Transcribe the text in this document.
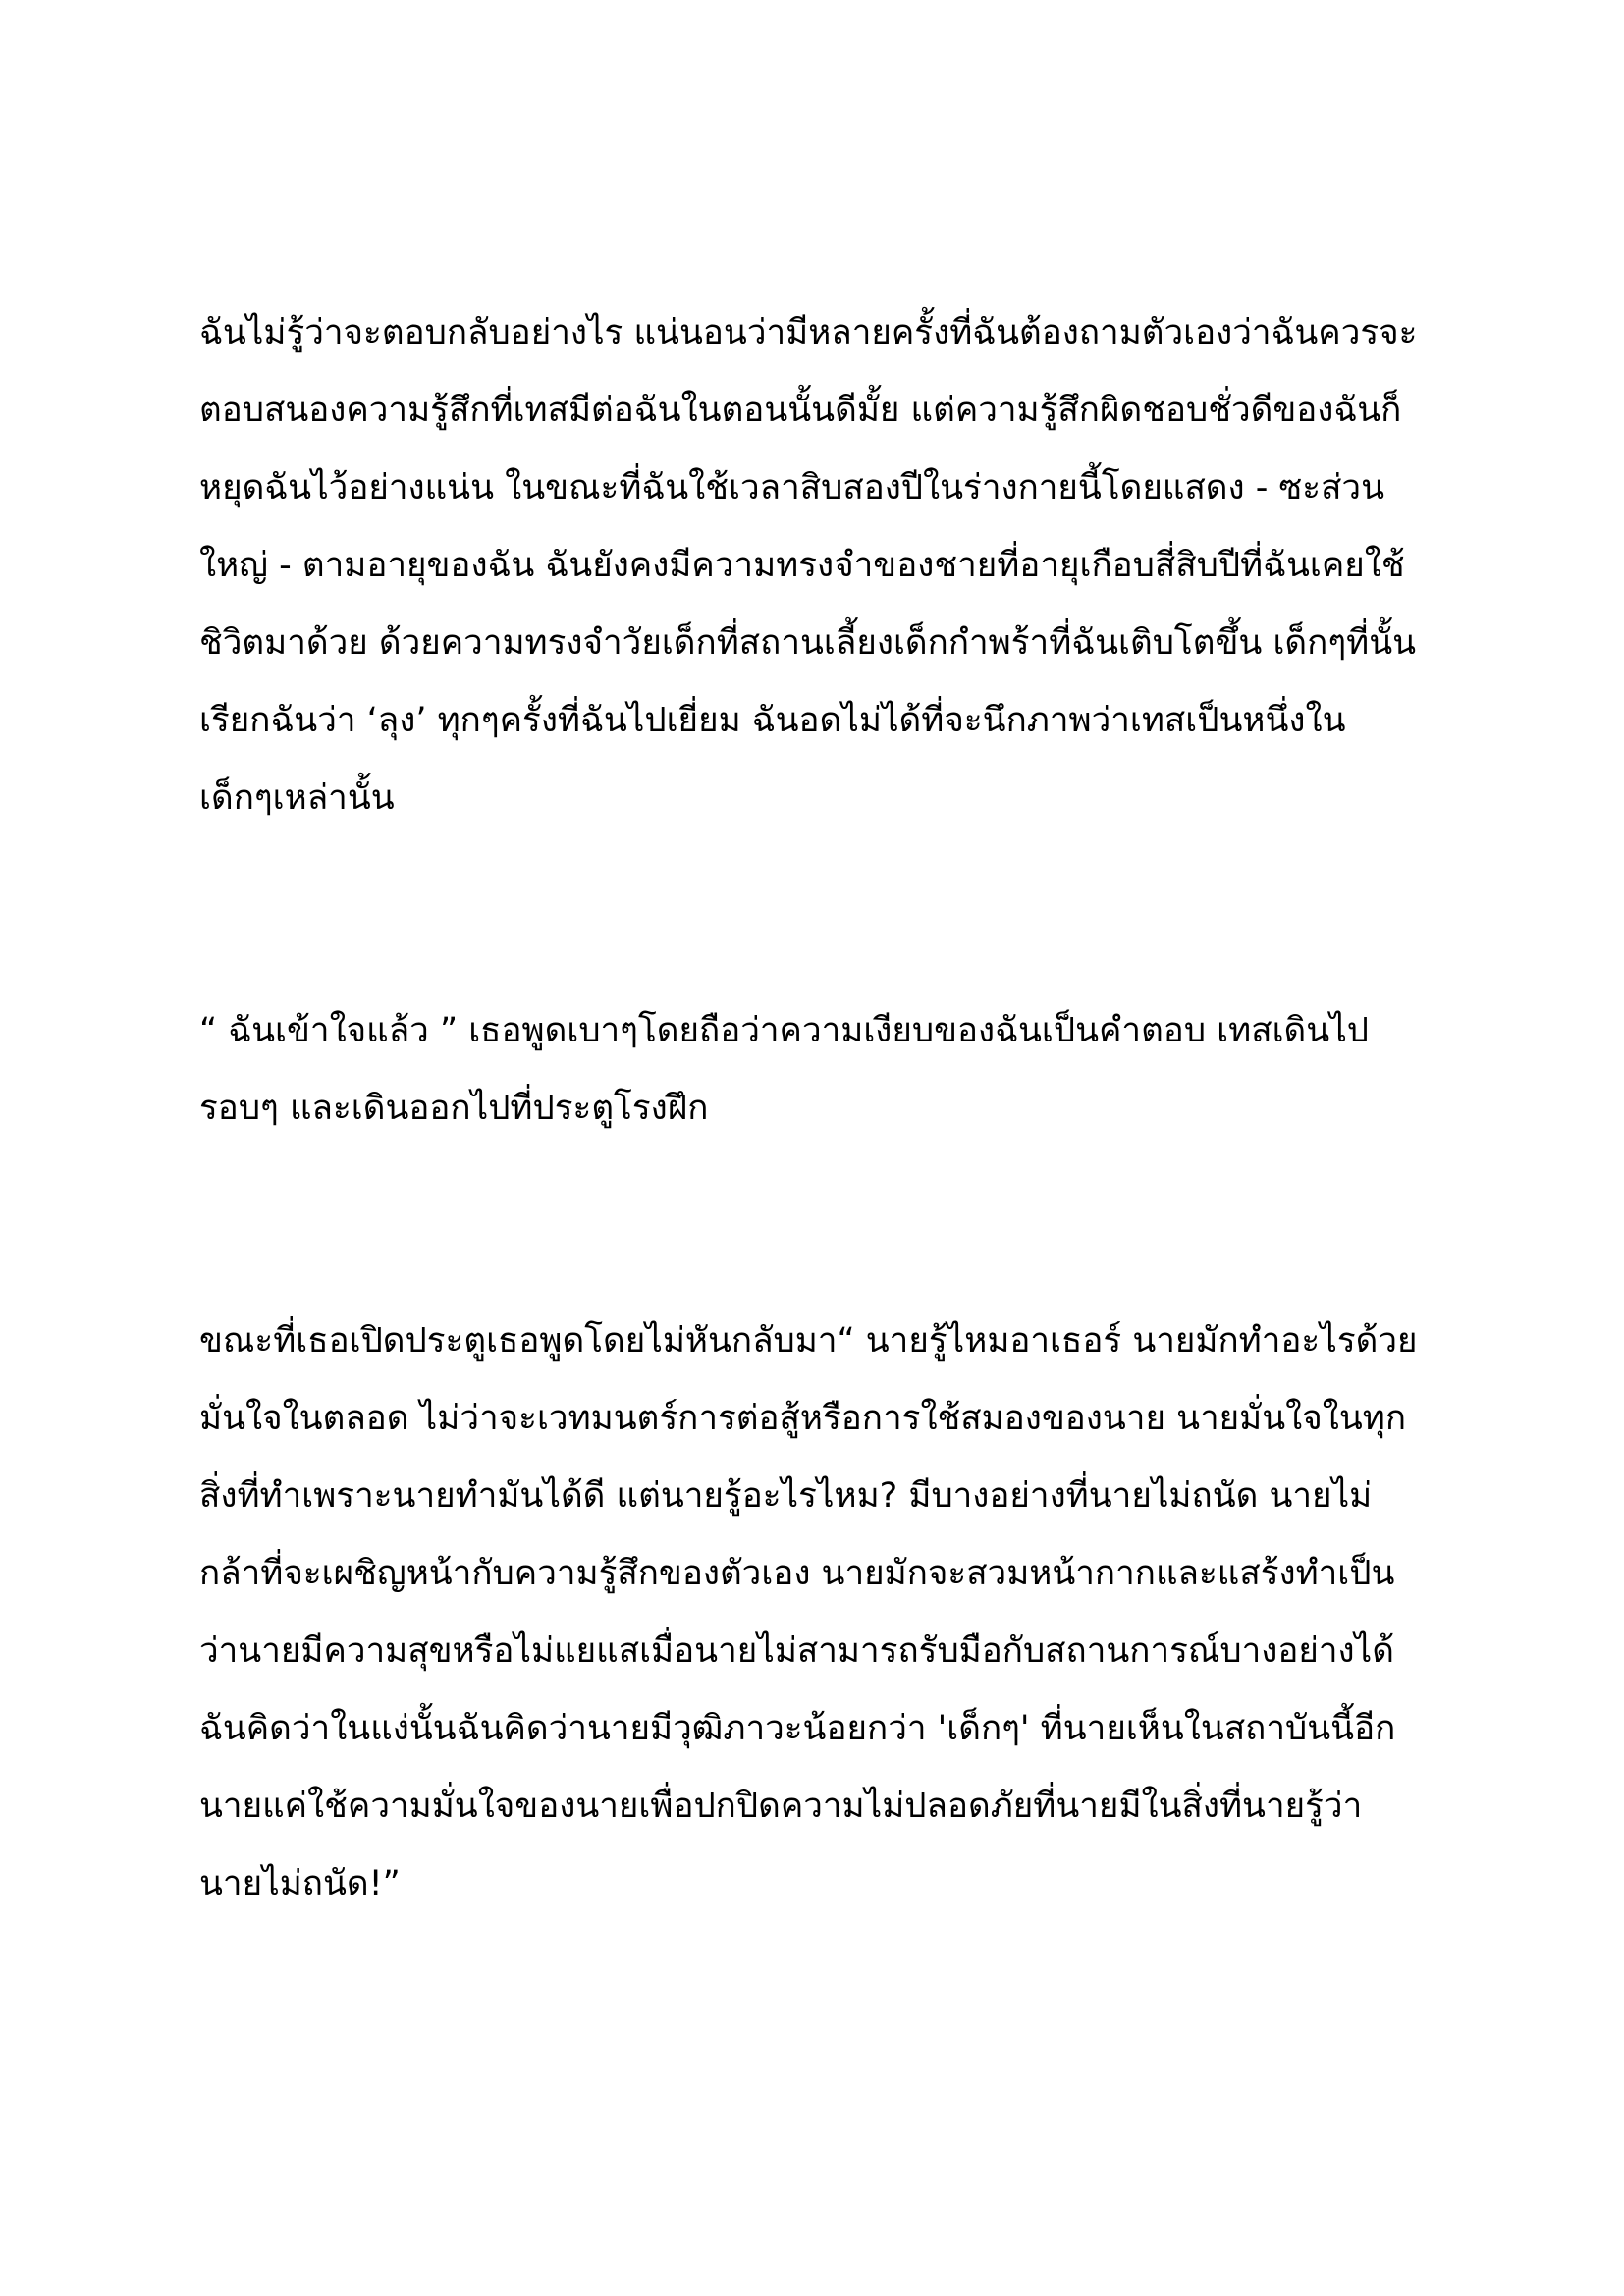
ฉันไม่รู้ว่าจะตอบกลับอย่างไร แน่นอนว่ามีหลายครั้งที่ฉันต้องถามตัวเองว่าฉันควรจะ
ตอบสนองความรู้สึกที่เทสมีต่อฉันในตอนนั้นดีมั้ย แต่ความรู้สึกผิดชอบชั่วดีของฉันก็
หยุดฉันไว้อย่างแน่น ในขณะที่ฉันใช้เวลาสิบสองปีในร่างกายนี้โดยแสดง - ซะส่วน
ใหญ่ - ตามอายุของฉัน ฉันยังคงมีความทรงจำของชายที่อายุเกือบสี่สิบปีที่ฉันเคยใช้
ชิวิตมาด้วย ด้วยความทรงจำวัยเด็กที่สถานเลี้ยงเด็กกำพร้าที่ฉันเติบโตขึ้น เด็กๆที่นั้น
เรียกฉันว่า ‘ลุง’ ทุกๆครั้งที่ฉันไปเยี่ยม ฉันอดไม่ได้ที่จะนึกภาพว่าเทสเป็นหนึ่งใน
เด็กๆเหล่านั้น

“ ฉันเข้าใจแล้ว ” เธอพูดเบาๆโดยถือว่าความเงียบของฉันเป็นคำตอบ เทสเดินไป
รอบๆ และเดินออกไปที่ประตูโรงฝึก

ขณะที่เธอเปิดประตูเธอพูดโดยไม่หันกลับมา“ นายรู้ไหมอาเธอร์ นายมักทำอะไรด้วย
มั่นใจในตลอด ไม่ว่าจะเวทมนตร์การต่อสู้หรือการใช้สมองของนาย นายมั่นใจในทุก
สิ่งที่ทำเพราะนายทำมันได้ดี แต่นายรู้อะไรไหม? มีบางอย่างที่นายไม่ถนัด นายไม่
กล้าที่จะเผชิญหน้ากับความรู้สึกของตัวเอง นายมักจะสวมหน้ากากและแสร้งทำเป็น
ว่านายมีความสุขหรือไม่แยแสเมื่อนายไม่สามารถรับมือกับสถานการณ์บางอย่างได้
ฉันคิดว่าในแง่นั้นฉันคิดว่านายมีวุฒิภาวะน้อยกว่า 'เด็กๆ' ที่นายเห็นในสถาบันนี้อีก
นายแค่ใช้ความมั่นใจของนายเพื่อปกปิดความไม่ปลอดภัยที่นายมีในสิ่งที่นายรู้ว่า
นายไม่ถนัด!”
